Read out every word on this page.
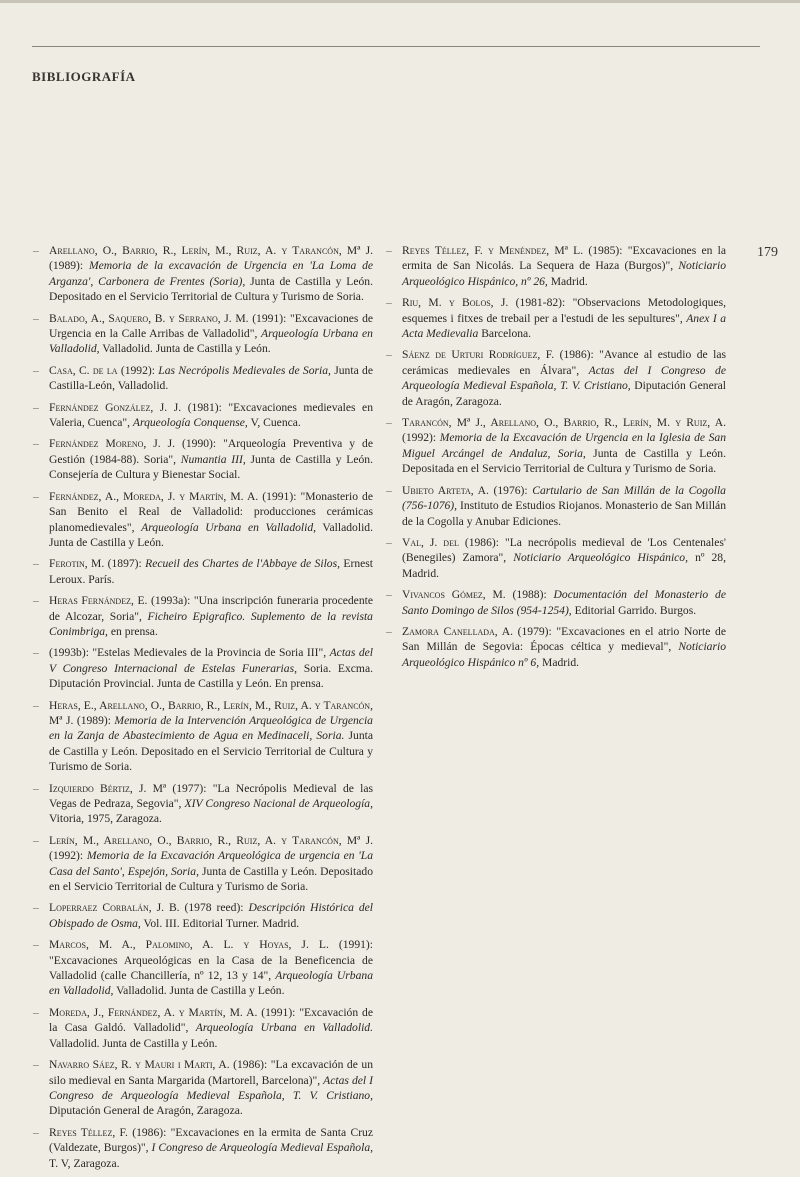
BIBLIOGRAFÍA
179
– Arellano, O., Barrio, R., Lerín, M., Ruiz, A. y Tarancón, Mª J. (1989): Memoria de la excavación de Urgencia en 'La Loma de Arganza', Carbonera de Frentes (Soria), Junta de Castilla y León. Depositado en el Servicio Territorial de Cultura y Turismo de Soria.
– Balado, A., Saquero, B. y Serrano, J. M. (1991): "Excavaciones de Urgencia en la Calle Arribas de Valladolid", Arqueología Urbana en Valladolid, Valladolid. Junta de Castilla y León.
– Casa, C. de la (1992): Las Necrópolis Medievales de Soria, Junta de Castilla-León, Valladolid.
– Fernández González, J. J. (1981): "Excavaciones medievales en Valeria, Cuenca", Arqueología Conquense, V, Cuenca.
– Fernández Moreno, J. J. (1990): "Arqueología Preventiva y de Gestión (1984-88). Soria", Numantia III, Junta de Castilla y León. Consejería de Cultura y Bienestar Social.
– Fernández, A., Moreda, J. y Martín, M. A. (1991): "Monasterio de San Benito el Real de Valladolid: producciones cerámicas planomedievales", Arqueología Urbana en Valladolid, Valladolid. Junta de Castilla y León.
– Ferotin, M. (1897): Recueil des Chartes de l'Abbaye de Silos, Ernest Leroux. París.
– Heras Fernández, E. (1993a): "Una inscripción funeraria procedente de Alcozar, Soria", Ficheiro Epigrafico. Suplemento de la revista Conimbriga, en prensa.
– (1993b): "Estelas Medievales de la Provincia de Soria III", Actas del V Congreso Internacional de Estelas Funerarias, Soria. Excma. Diputación Provincial. Junta de Castilla y León. En prensa.
– Heras, E., Arellano, O., Barrio, R., Lerín, M., Ruiz, A. y Tarancón, Mª J. (1989): Memoria de la Intervención Arqueológica de Urgencia en la Zanja de Abastecimiento de Agua en Medinaceli, Soria. Junta de Castilla y León. Depositado en el Servicio Territorial de Cultura y Turismo de Soria.
– Izquierdo Bértiz, J. Mª (1977): "La Necrópolis Medieval de las Vegas de Pedraza, Segovia", XIV Congreso Nacional de Arqueología, Vitoria, 1975, Zaragoza.
– Lerín, M., Arellano, O., Barrio, R., Ruiz, A. y Tarancón, Mª J. (1992): Memoria de la Excavación Arqueológica de urgencia en 'La Casa del Santo', Espejón, Soria, Junta de Castilla y León. Depositado en el Servicio Territorial de Cultura y Turismo de Soria.
– Loperraez Corbalán, J. B. (1978 reed): Descripción Histórica del Obispado de Osma, Vol. III. Editorial Turner. Madrid.
– Marcos, M. A., Palomino, A. L. y Hoyas, J. L. (1991): "Excavaciones Arqueológicas en la Casa de la Beneficencia de Valladolid (calle Chancillería, nº 12, 13 y 14", Arqueología Urbana en Valladolid, Valladolid. Junta de Castilla y León.
– Moreda, J., Fernández, A. y Martín, M. A. (1991): "Excavación de la Casa Galdó. Valladolid", Arqueología Urbana en Valladolid. Valladolid. Junta de Castilla y León.
– Navarro Sáez, R. y Mauri i Marti, A. (1986): "La excavación de un silo medieval en Santa Margarida (Martorell, Barcelona)", Actas del I Congreso de Arqueología Medieval Española, T. V. Cristiano, Diputación General de Aragón, Zaragoza.
– Reyes Téllez, F. (1986): "Excavaciones en la ermita de Santa Cruz (Valdezate, Burgos)", I Congreso de Arqueología Medieval Española, T. V, Zaragoza.
– Reyes Téllez, F. y Menéndez, Mª L. (1985): "Excavaciones en la ermita de San Nicolás. La Sequera de Haza (Burgos)", Noticiario Arqueológico Hispánico, nº 26, Madrid.
– Riu, M. y Bolos, J. (1981-82): "Observacions Metodologiques, esquemes i fitxes de trebail per a l'estudi de les sepultures", Anex I a Acta Medievalia Barcelona.
– Sáenz de Urturi Rodríguez, F. (1986): "Avance al estudio de las cerámicas medievales en Álvara", Actas del I Congreso de Arqueología Medieval Española, T. V. Cristiano, Diputación General de Aragón, Zaragoza.
– Tarancón, Mª J., Arellano, O., Barrio, R., Lerín, M. y Ruiz, A. (1992): Memoria de la Excavación de Urgencia en la Iglesia de San Miguel Arcángel de Andaluz, Soria, Junta de Castilla y León. Depositada en el Servicio Territorial de Cultura y Turismo de Soria.
– Ubieto Arteta, A. (1976): Cartulario de San Millán de la Cogolla (756-1076), Instituto de Estudios Riojanos. Monasterio de San Millán de la Cogolla y Anubar Ediciones.
– Val, J. del (1986): "La necrópolis medieval de 'Los Centenales' (Benegiles) Zamora", Noticiario Arqueológico Hispánico, nº 28, Madrid.
– Vivancos Gómez, M. (1988): Documentación del Monasterio de Santo Domingo de Silos (954-1254), Editorial Garrido. Burgos.
– Zamora Canellada, A. (1979): "Excavaciones en el atrio Norte de San Millán de Segovia: Épocas céltica y medieval", Noticiario Arqueológico Hispánico nº 6, Madrid.
